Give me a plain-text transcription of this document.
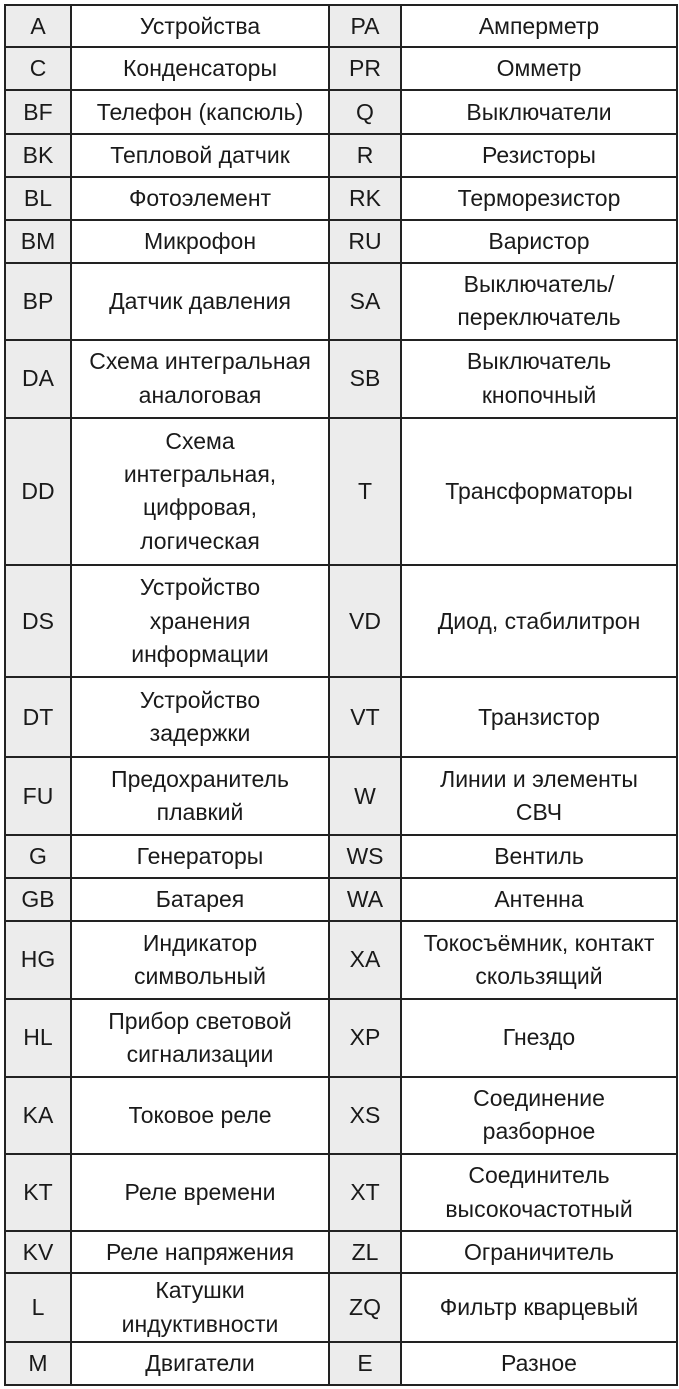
A	Устройства	PA	Амперметр
C	Конденсаторы	PR	Омметр
BF	Телефон (капсюль)	Q	Выключатели
BK	Тепловой датчик	R	Резисторы
BL	Фотоэлемент	RK	Терморезистор
BM	Микрофон	RU	Варистор
BP	Датчик давления	SA	Выключатель/
переключатель
DA	Схема интегральная
аналоговая	SB	Выключатель
кнопочный
DD	Схема
интегральная,
цифровая,
логическая	T	Трансформаторы
DS	Устройство
хранения
информации	VD	Диод, стабилитрон
DT	Устройство
задержки	VT	Транзистор
FU	Предохранитель
плавкий	W	Линии и элементы
СВЧ
G	Генераторы	WS	Вентиль
GB	Батарея	WA	Антенна
HG	Индикатор
символьный	XA	Токосъёмник, контакт
скользящий
HL	Прибор световой
сигнализации	XP	Гнездо
KA	Токовое реле	XS	Соединение
разборное
KT	Реле времени	XT	Соединитель
высокочастотный
KV	Реле напряжения	ZL	Ограничитель
L	Катушки
индуктивности	ZQ	Фильтр кварцевый
M	Двигатели	E	Разное
